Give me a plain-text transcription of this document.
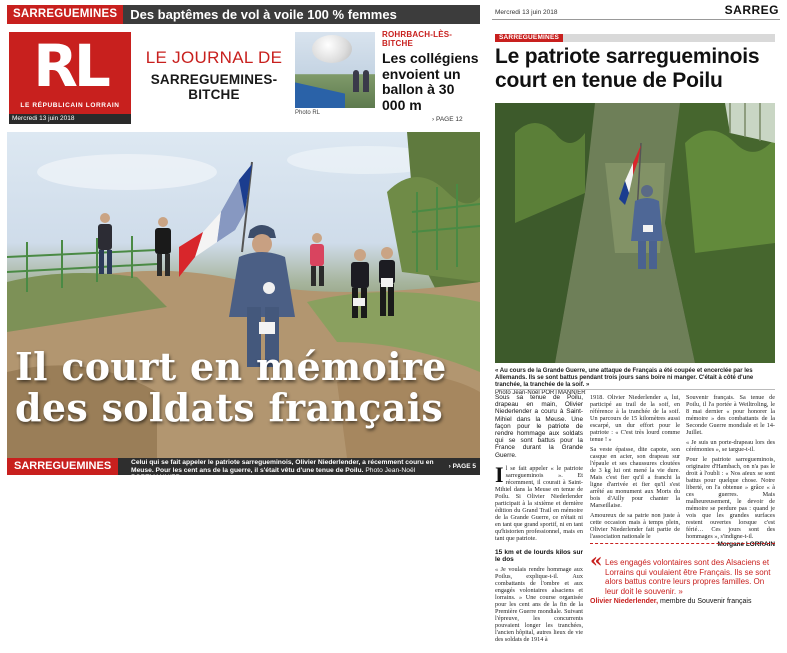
SARREGUEMINES	Des baptêmes de vol à voile 100 % femmes
RL
LE RÉPUBLICAIN LORRAIN
Mercredi 13 juin 2018
LE JOURNAL DE
SARREGUEMINES-BITCHE
Photo RL
ROHRBACH-LÈS-BITCHE
Les collégiens envoient un ballon à 30 000 m
› PAGE 12
Il court en mémoire
des soldats français
SARREGUEMINES	Celui qui se fait appeler le patriote sarregueminois, Olivier Niederlender, a récemment couru en Meuse. Pour les cent ans de la guerre, il s'était vêtu d'une tenue de Poilu. Photo Jean-Noël PORTMANN/ER
› PAGE 5
Mercredi 13 juin 2018	SARREG
SARREGUEMINES
Le patriote sarregueminois court en tenue de Poilu
« Au cours de la Grande Guerre, une attaque de Français a été coupée et encerclée par les Allemands. Ils se sont battus pendant trois jours sans boire ni manger. C'était à côté d'une tranchée, la tranchée de la soif. »
Photo Jean-Noël PORTMANN/ER

Sous sa tenue de Poilu, drapeau en main, Olivier Niederlender a couru à Saint-Mihiel dans la Meuse. Une façon pour le patriote de rendre hommage aux soldats qui se sont battus pour la France durant la Grande Guerre.

Il se fait appeler « le patriote sarregueminois ». Et récemment, il courait à Saint-Mihiel dans la Meuse en tenue de Poilu. Si Olivier Niederlender participait à la sixième et dernière édition du Grand Trail en mémoire de la Grande Guerre, ce n'était ni en tant que grand sportif, ni en tant qu'historien professionnel, mais en tant que patriote.

15 km et de lourds kilos sur le dos

« Je voulais rendre hommage aux Poilus, explique-t-il. Aux combattants de l'ombre et aux engagés volontaires alsaciens et lorrains. » Une course organisée pour les cent ans de la fin de la Première Guerre mondiale. Suivant l'épreuve, les concurrents pouvaient longer les tranchées, l'ancien hôpital, autres lieux de vie des soldats de 1914 à

1918. Olivier Niederlender a, lui, participé au trail de la soif, en référence à la tranchée de la soif. Un parcours de 15 kilomètres aussi escarpé, un dur effort pour le patriote : « C'est très lourd comme tenue ! »

Sa veste épaisse, dite capote, son casque en acier, son drapeau sur l'épaule et ses chaussures cloutées de 3 kg lui ont mené la vie dure. Mais c'est fier qu'il a franchi la ligne d'arrivée et fier qu'il s'est arrêté au monument aux Morts du bois d'Ailly pour chanter la Marseillaise.

Amoureux de sa patrie non juste à cette occasion mais à temps plein, Olivier Niederlender fait partie de l'association nationale le

Souvenir français. Sa tenue de Poilu, il l'a portée à Weiltroling, le 8 mai dernier « pour honorer la mémoire » des combattants de la Seconde Guerre mondiale et le 14-Juillet.

« Je suis un porte-drapeau lors des cérémonies », se targue-t-il.

Pour le patriote sarregueminois, originaire d'Hambach, on n'a pas le droit à l'oubli : « Nos aïeux se sont battus pour quelque chose. Notre liberté, on l'a obtenue » grâce « à ces guerres. Mais malheureusement, le devoir de mémoire se perdure pas : quand je vois que les grandes surfaces restent ouvertes lorsque c'est férié… Ces jours sont des hommages », s'indigne-t-il.

Morgane LORRAIN

« Les engagés volontaires sont des Alsaciens et Lorrains qui voulaient être Français. Ils se sont alors battus contre leurs propres familles. On leur doit le souvenir. »
Olivier Niederlender, membre du Souvenir français
